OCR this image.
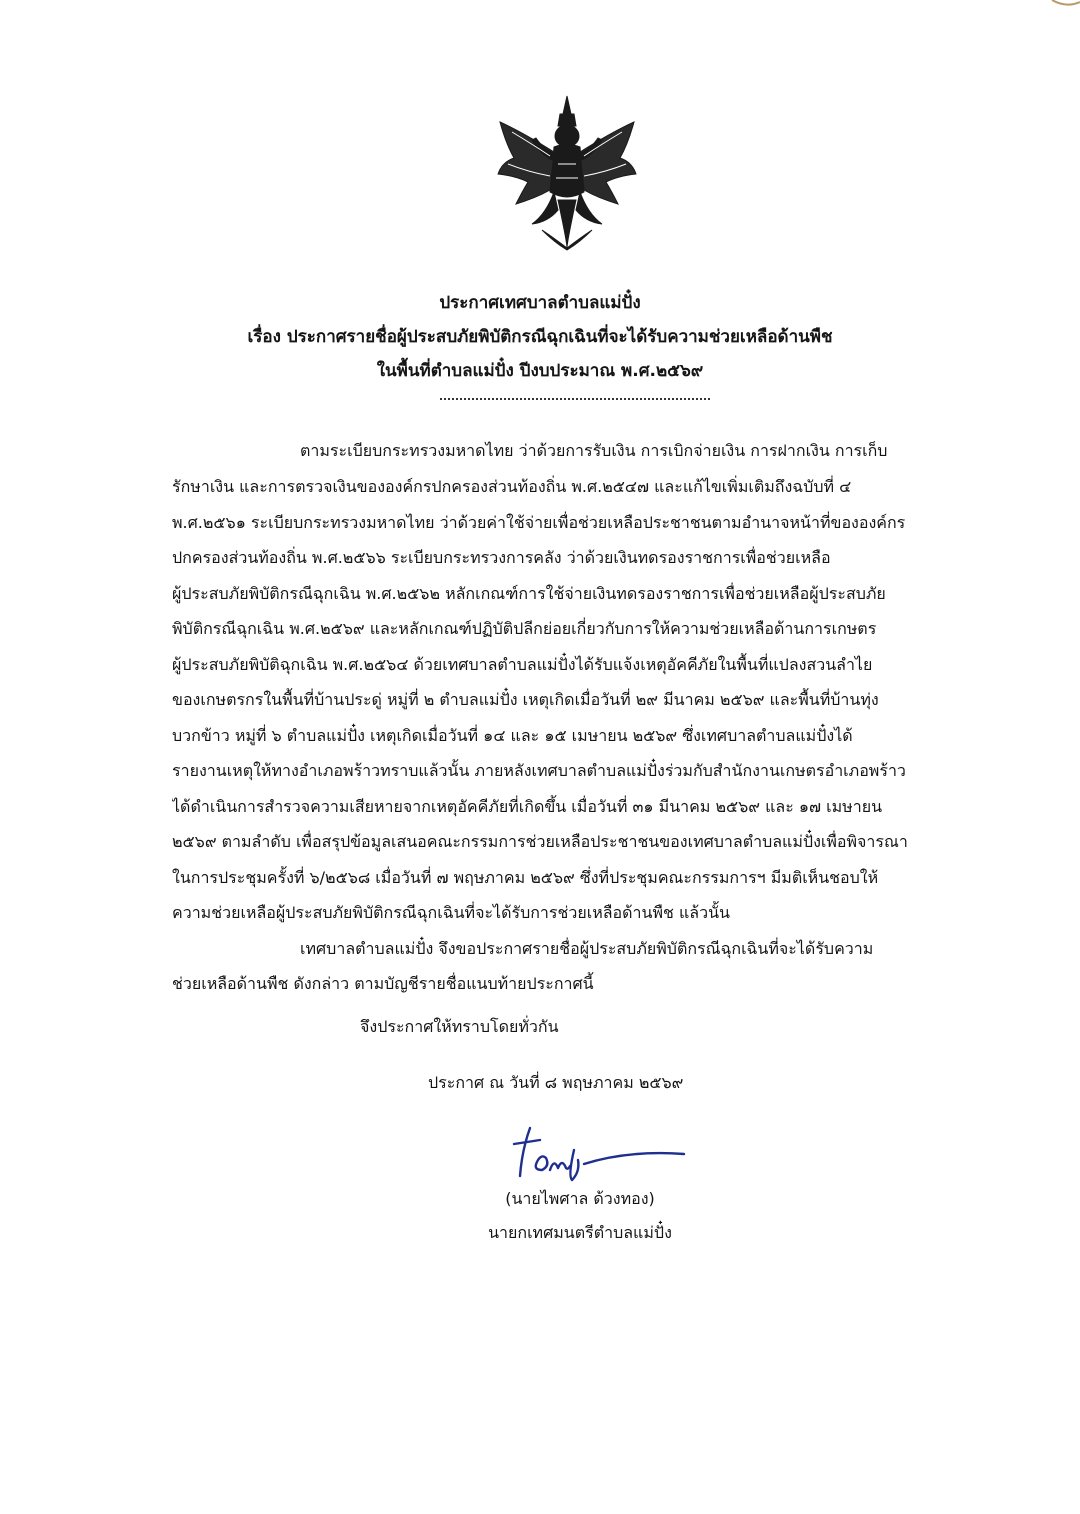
ประกาศเทศบาลตำบลแม่ปั๋ง
เรื่อง ประกาศรายชื่อผู้ประสบภัยพิบัติกรณีฉุกเฉินที่จะได้รับความช่วยเหลือด้านพืช
ในพื้นที่ตำบลแม่ปั๋ง ปีงบประมาณ พ.ศ.๒๕๖๙
ตามระเบียบกระทรวงมหาดไทย ว่าด้วยการรับเงิน การเบิกจ่ายเงิน การฝากเงิน การเก็บ
รักษาเงิน และการตรวจเงินขององค์กรปกครองส่วนท้องถิ่น พ.ศ.๒๕๔๗ และแก้ไขเพิ่มเติมถึงฉบับที่ ๔
พ.ศ.๒๕๖๑ ระเบียบกระทรวงมหาดไทย ว่าด้วยค่าใช้จ่ายเพื่อช่วยเหลือประชาชนตามอำนาจหน้าที่ขององค์กร
ปกครองส่วนท้องถิ่น พ.ศ.๒๕๖๖ ระเบียบกระทรวงการคลัง ว่าด้วยเงินทดรองราชการเพื่อช่วยเหลือ
ผู้ประสบภัยพิบัติกรณีฉุกเฉิน พ.ศ.๒๕๖๒ หลักเกณฑ์การใช้จ่ายเงินทดรองราชการเพื่อช่วยเหลือผู้ประสบภัย
พิบัติกรณีฉุกเฉิน พ.ศ.๒๕๖๙ และหลักเกณฑ์ปฏิบัติปลีกย่อยเกี่ยวกับการให้ความช่วยเหลือด้านการเกษตร
ผู้ประสบภัยพิบัติฉุกเฉิน พ.ศ.๒๕๖๔ ด้วยเทศบาลตำบลแม่ปั๋งได้รับแจ้งเหตุอัคคีภัยในพื้นที่แปลงสวนลำไย
ของเกษตรกรในพื้นที่บ้านประดู่ หมู่ที่ ๒ ตำบลแม่ปั๋ง เหตุเกิดเมื่อวันที่ ๒๙ มีนาคม ๒๕๖๙ และพื้นที่บ้านทุ่ง
บวกข้าว หมู่ที่ ๖ ตำบลแม่ปั๋ง เหตุเกิดเมื่อวันที่ ๑๔ และ ๑๕ เมษายน ๒๕๖๙ ซึ่งเทศบาลตำบลแม่ปั๋งได้
รายงานเหตุให้ทางอำเภอพร้าวทราบแล้วนั้น ภายหลังเทศบาลตำบลแม่ปั๋งร่วมกับสำนักงานเกษตรอำเภอพร้าว
ได้ดำเนินการสำรวจความเสียหายจากเหตุอัคคีภัยที่เกิดขึ้น เมื่อวันที่ ๓๑ มีนาคม ๒๕๖๙ และ ๑๗ เมษายน
๒๕๖๙ ตามลำดับ เพื่อสรุปข้อมูลเสนอคณะกรรมการช่วยเหลือประชาชนของเทศบาลตำบลแม่ปั๋งเพื่อพิจารณา
ในการประชุมครั้งที่ ๖/๒๕๖๘ เมื่อวันที่ ๗ พฤษภาคม ๒๕๖๙ ซึ่งที่ประชุมคณะกรรมการฯ มีมติเห็นชอบให้
ความช่วยเหลือผู้ประสบภัยพิบัติกรณีฉุกเฉินที่จะได้รับการช่วยเหลือด้านพืช แล้วนั้น
เทศบาลตำบลแม่ปั๋ง จึงขอประกาศรายชื่อผู้ประสบภัยพิบัติกรณีฉุกเฉินที่จะได้รับความ
ช่วยเหลือด้านพืช ดังกล่าว ตามบัญชีรายชื่อแนบท้ายประกาศนี้
จึงประกาศให้ทราบโดยทั่วกัน
ประกาศ ณ วันที่ ๘ พฤษภาคม ๒๕๖๙
(นายไพศาล ด้วงทอง)
นายกเทศมนตรีตำบลแม่ปั๋ง
